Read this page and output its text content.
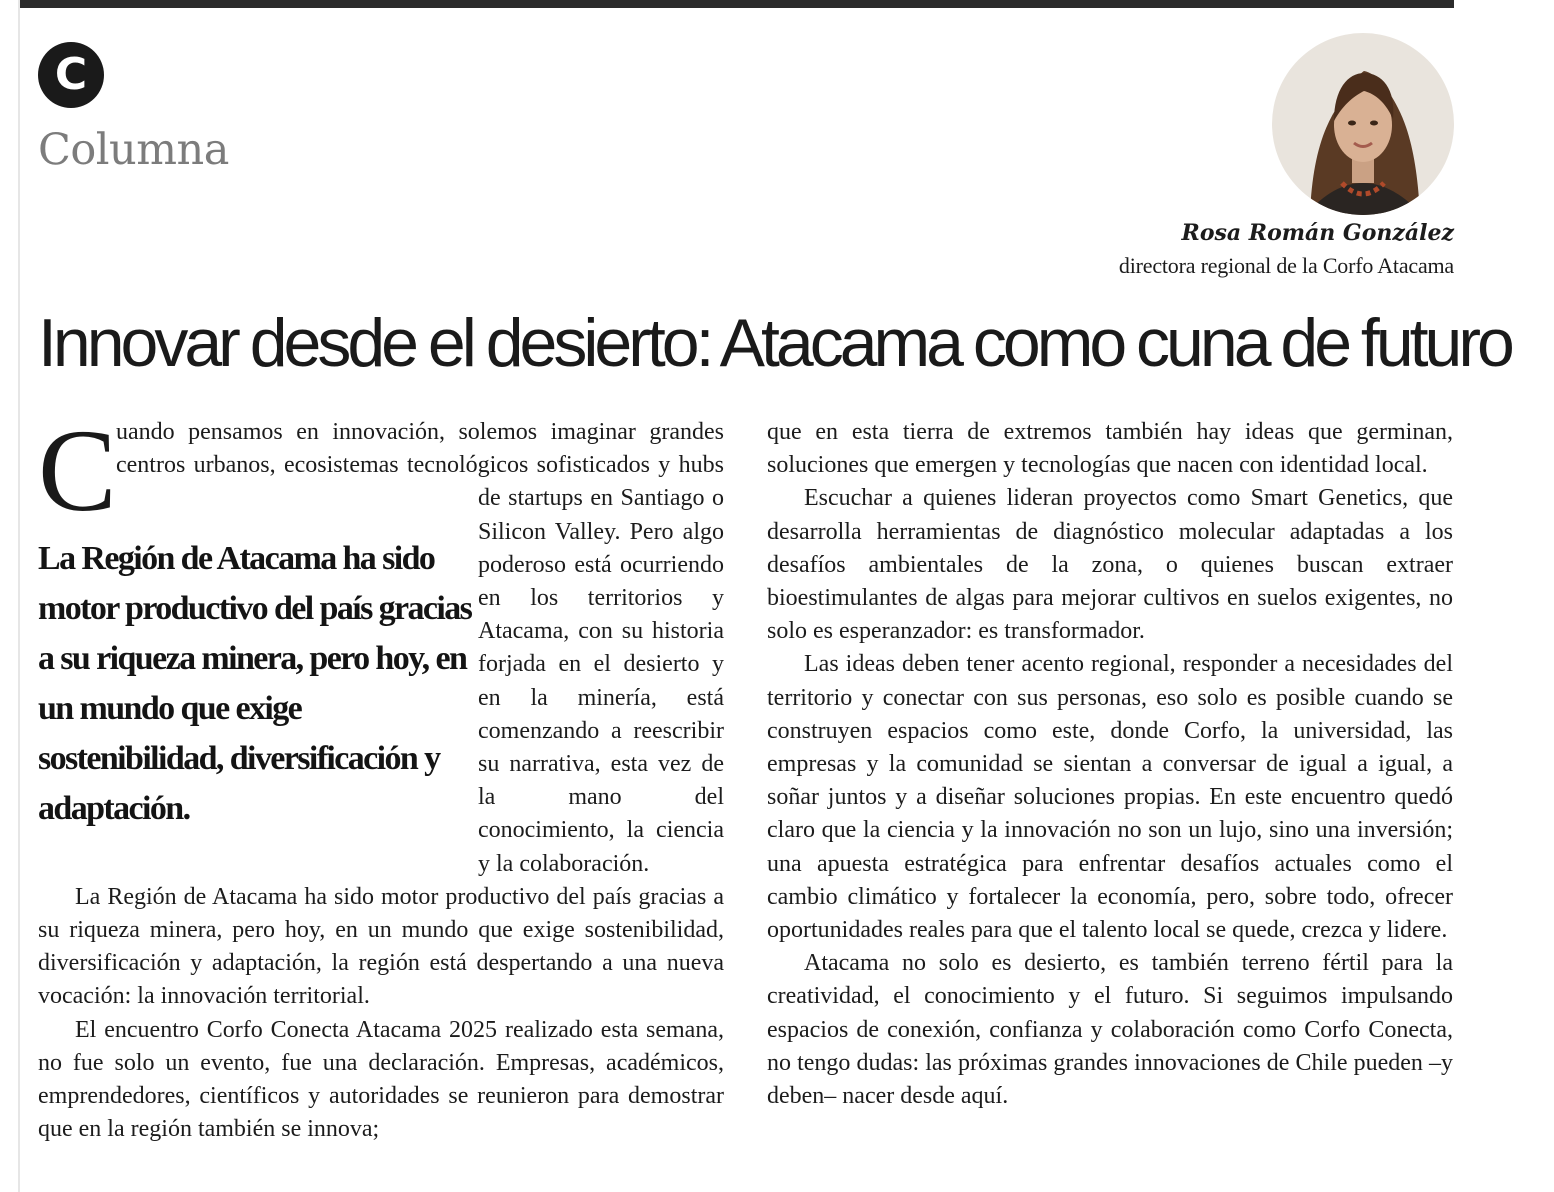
C
Columna
Rosa Román González
directora regional de la Corfo Atacama
Innovar desde el desierto: Atacama como cuna de futuro

C
La Región de Atacama ha sido motor productivo del país gracias a su riqueza minera, pero hoy, en un mundo que exige sostenibilidad, diversificación y adaptación.
uando pensamos en innovación, solemos imaginar grandes centros urbanos, ecosistemas tecnológicos sofisticados y hubs de startups en Santiago o Silicon Valley. Pero algo poderoso está ocurriendo en los territorios y Atacama, con su historia forjada en el desierto y en la minería, está comenzando a reescribir su narrativa, esta vez de la mano del conocimiento, la ciencia y la colaboración.

La Región de Atacama ha sido motor productivo del país gracias a su riqueza minera, pero hoy, en un mundo que exige sostenibilidad, diversificación y adaptación, la región está despertando a una nueva vocación: la innovación territorial.

El encuentro Corfo Conecta Atacama 2025 realizado esta semana, no fue solo un evento, fue una declaración. Empresas, académicos, emprendedores, científicos y autoridades se reunieron para demostrar que en la región también se innova;

que en esta tierra de extremos también hay ideas que germinan, soluciones que emergen y tecnologías que nacen con identidad local.

Escuchar a quienes lideran proyectos como Smart Genetics, que desarrolla herramientas de diagnóstico molecular adaptadas a los desafíos ambientales de la zona, o quienes buscan extraer bioestimulantes de algas para mejorar cultivos en suelos exigentes, no solo es esperanzador: es transformador.

Las ideas deben tener acento regional, responder a necesidades del territorio y conectar con sus personas, eso solo es posible cuando se construyen espacios como este, donde Corfo, la universidad, las empresas y la comunidad se sientan a conversar de igual a igual, a soñar juntos y a diseñar soluciones propias. En este encuentro quedó claro que la ciencia y la innovación no son un lujo, sino una inversión; una apuesta estratégica para enfrentar desafíos actuales como el cambio climático y fortalecer la economía, pero, sobre todo, ofrecer oportunidades reales para que el talento local se quede, crezca y lidere.

Atacama no solo es desierto, es también terreno fértil para la creatividad, el conocimiento y el futuro. Si seguimos impulsando espacios de conexión, confianza y colaboración como Corfo Conecta, no tengo dudas: las próximas grandes innovaciones de Chile pueden –y deben– nacer desde aquí.
